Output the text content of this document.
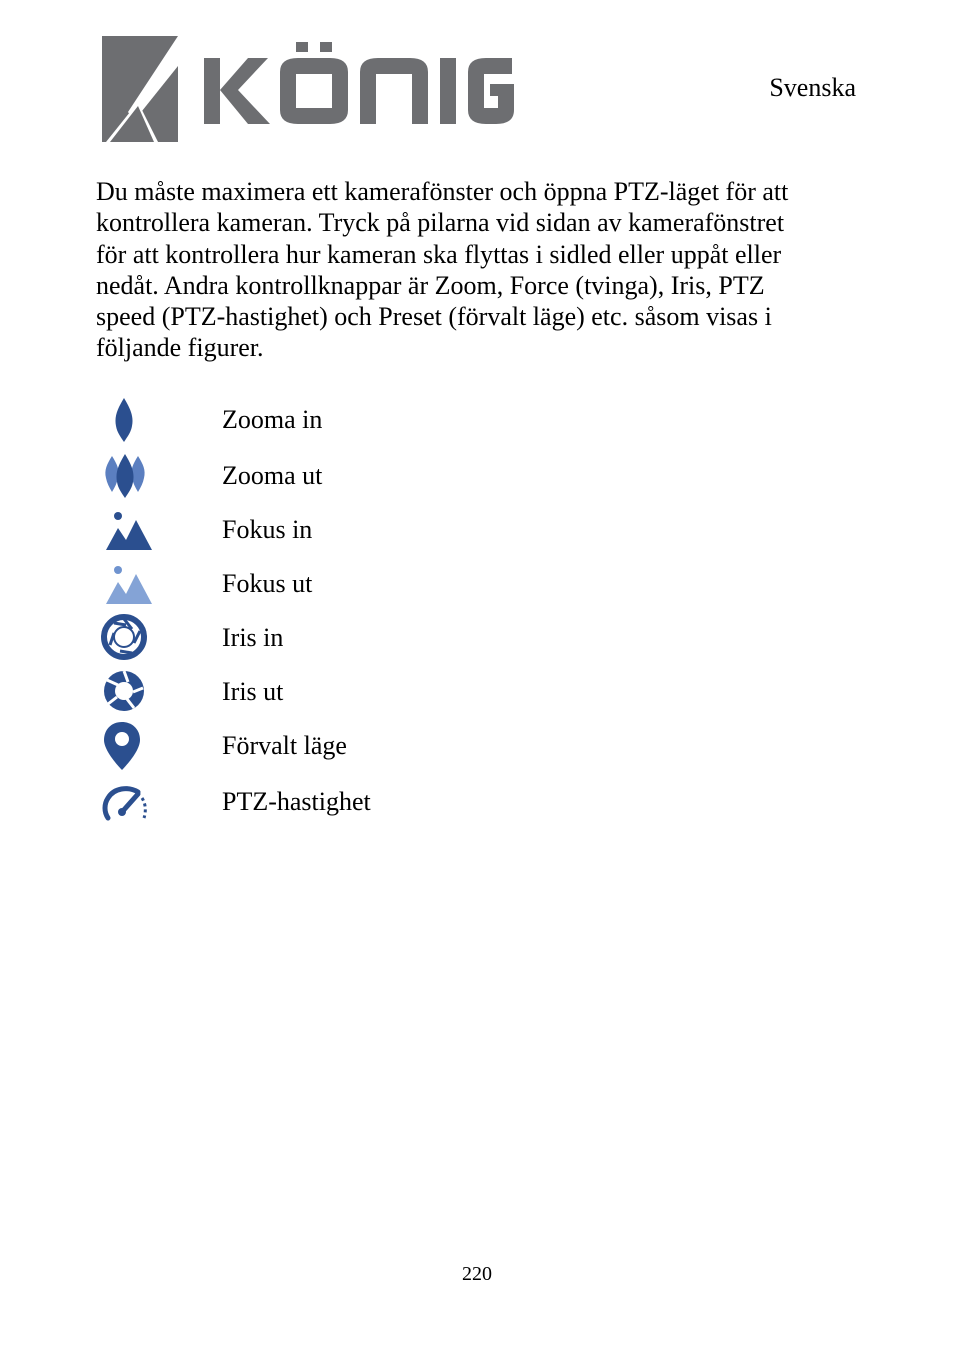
Svenska

Du måste maximera ett kamerafönster och öppna PTZ-läget för att

kontrollera kameran. Tryck på pilarna vid sidan av kamerafönstret

för att kontrollera hur kameran ska flyttas i sidled eller uppåt eller

nedåt. Andra kontrollknappar är Zoom, Force (tvinga), Iris, PTZ

speed (PTZ-hastighet) och Preset (förvalt läge) etc. såsom visas i

följande figurer.

Zooma in
Zooma ut
Fokus in
Fokus ut
Iris in
Iris ut
Förvalt läge
PTZ-hastighet
220
